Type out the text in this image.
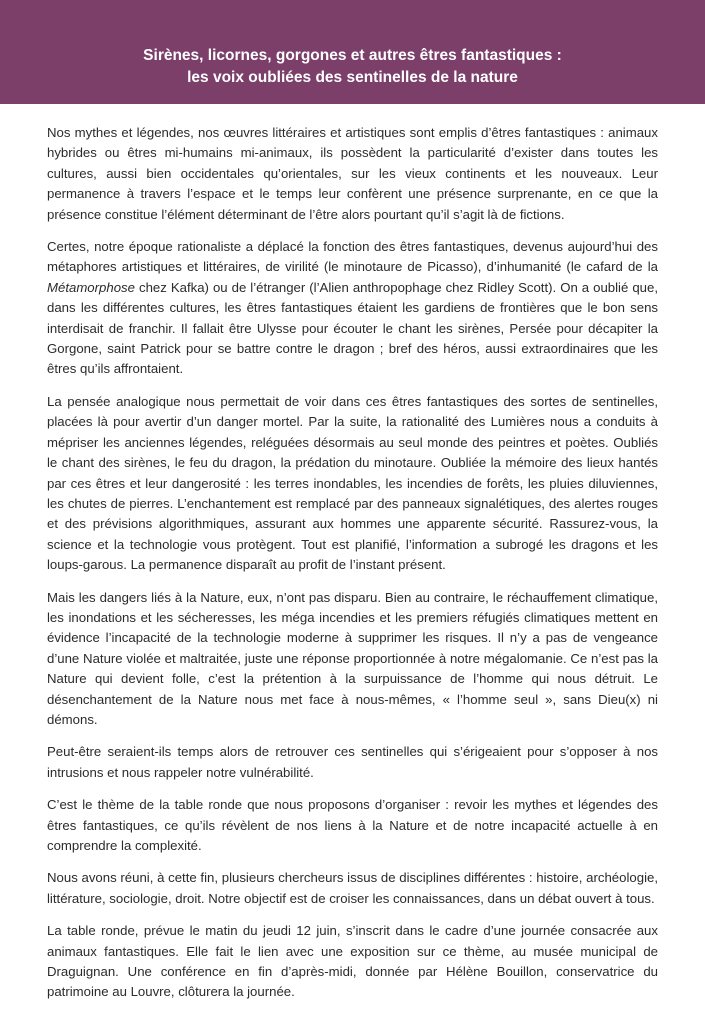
Sirènes, licornes, gorgones et autres êtres fantastiques :
les voix oubliées des sentinelles de la nature

Nos mythes et légendes, nos œuvres littéraires et artistiques sont emplis d’êtres fantastiques : animaux hybrides ou êtres mi-humains mi-animaux, ils possèdent la particularité d’exister dans toutes les cultures, aussi bien occidentales qu’orientales, sur les vieux continents et les nouveaux. Leur permanence à travers l’espace et le temps leur confèrent une présence surprenante, en ce que la présence constitue l’élément déterminant de l’être alors pourtant qu’il s’agit là de fictions.

Certes, notre époque rationaliste a déplacé la fonction des êtres fantastiques, devenus aujourd’hui des métaphores artistiques et littéraires, de virilité (le minotaure de Picasso), d’inhumanité (le cafard de la Métamorphose chez Kafka) ou de l’étranger (l’Alien anthropophage chez Ridley Scott). On a oublié que, dans les différentes cultures, les êtres fantastiques étaient les gardiens de frontières que le bon sens interdisait de franchir. Il fallait être Ulysse pour écouter le chant les sirènes, Persée pour décapiter la Gorgone, saint Patrick pour se battre contre le dragon ; bref des héros, aussi extraordinaires que les êtres qu’ils affrontaient.

La pensée analogique nous permettait de voir dans ces êtres fantastiques des sortes de sentinelles, placées là pour avertir d’un danger mortel. Par la suite, la rationalité des Lumières nous a conduits à mépriser les anciennes légendes, reléguées désormais au seul monde des peintres et poètes. Oubliés le chant des sirènes, le feu du dragon, la prédation du minotaure. Oubliée la mémoire des lieux hantés par ces êtres et leur dangerosité : les terres inondables, les incendies de forêts, les pluies diluviennes, les chutes de pierres. L’enchantement est remplacé par des panneaux signalétiques, des alertes rouges et des prévisions algorithmiques, assurant aux hommes une apparente sécurité. Rassurez-vous, la science et la technologie vous protègent. Tout est planifié, l’information a subrogé les dragons et les loups-garous. La permanence disparaît au profit de l’instant présent.

Mais les dangers liés à la Nature, eux, n’ont pas disparu. Bien au contraire, le réchauffement climatique, les inondations et les sécheresses, les méga incendies et les premiers réfugiés climatiques mettent en évidence l’incapacité de la technologie moderne à supprimer les risques. Il n’y a pas de vengeance d’une Nature violée et maltraitée, juste une réponse proportionnée à notre mégalomanie. Ce n’est pas la Nature qui devient folle, c’est la prétention à la surpuissance de l’homme qui nous détruit. Le désenchantement de la Nature nous met face à nous-mêmes, « l’homme seul », sans Dieu(x) ni démons.

Peut-être seraient-ils temps alors de retrouver ces sentinelles qui s’érigeaient pour s’opposer à nos intrusions et nous rappeler notre vulnérabilité.

C’est le thème de la table ronde que nous proposons d’organiser : revoir les mythes et légendes des êtres fantastiques, ce qu’ils révèlent de nos liens à la Nature et de notre incapacité actuelle à en comprendre la complexité.

Nous avons réuni, à cette fin, plusieurs chercheurs issus de disciplines différentes : histoire, archéologie, littérature, sociologie, droit. Notre objectif est de croiser les connaissances, dans un débat ouvert à tous.

La table ronde, prévue le matin du jeudi 12 juin, s’inscrit dans le cadre d’une journée consacrée aux animaux fantastiques. Elle fait le lien avec une exposition sur ce thème, au musée municipal de Draguignan. Une conférence en fin d’après-midi, donnée par Hélène Bouillon, conservatrice du patrimoine au Louvre, clôturera la journée.
